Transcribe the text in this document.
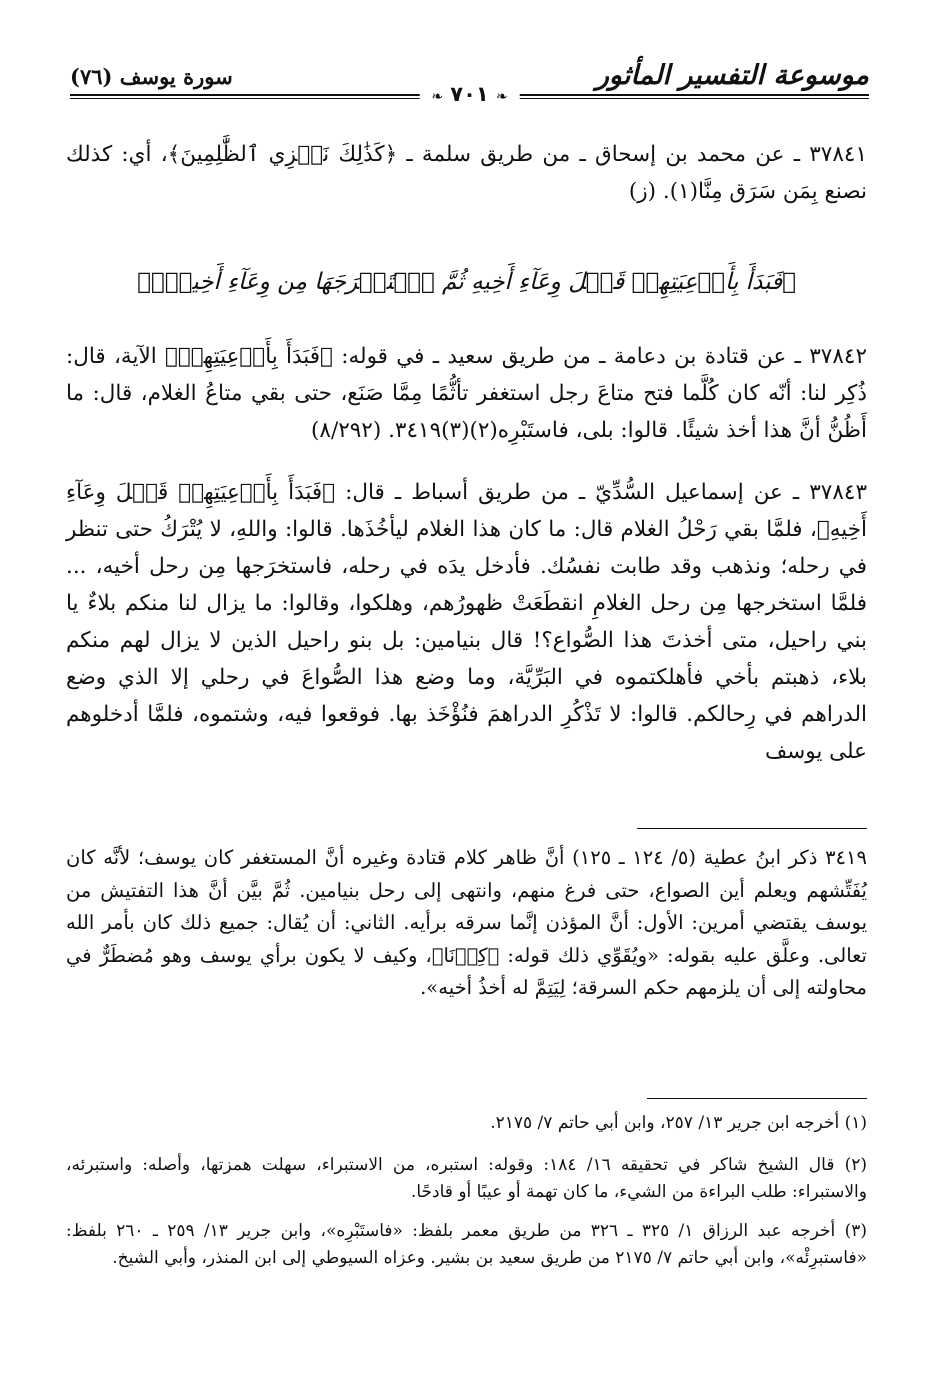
موسوعة التفسير المأثور
سورة يوسف (٧٦)
❧ ٧٠١ ❧
٣٧٨٤١ ـ عن محمد بن إسحاق ـ من طريق سلمة ـ ﴿كَذَٰلِكَ نَجۡزِي ٱلظَّٰلِمِينَ﴾، أي: كذلك نصنع بِمَن سَرَق مِنَّا(١). (ز)
﴿فَبَدَأَ بِأَوۡعِيَتِهِمۡ قَبۡلَ وِعَآءِ أَخِيهِ ثُمَّ ٱسۡتَخۡرَجَهَا مِن وِعَآءِ أَخِيهِۚ﴾
٣٧٨٤٢ ـ عن قتادة بن دعامة ـ من طريق سعيد ـ في قوله: ﴿فَبَدَأَ بِأَوۡعِيَتِهِمۡ﴾ الآية، قال: ذُكِر لنا: أنّه كان كُلَّما فتح متاعَ رجل استغفر تأثُّمًا مِمَّا صَنَع، حتى بقي متاعُ الغلام، قال: ما أَظُنُّ أنَّ هذا أخذ شيئًا. قالوا: بلى، فاستَبْرِه(٢)(٣)٣٤١٩. (٨/٢٩٢)
٣٧٨٤٣ ـ عن إسماعيل السُّدِّيّ ـ من طريق أسباط ـ قال: ﴿فَبَدَأَ بِأَوۡعِيَتِهِمۡ قَبۡلَ وِعَآءِ أَخِيهِ﴾، فلمَّا بقي رَحْلُ الغلام قال: ما كان هذا الغلام ليأخُذَها. قالوا: واللهِ، لا يُتْرَكُ حتى تنظر في رحله؛ ونذهب وقد طابت نفسُك. فأدخل يدَه في رحله، فاستخرَجها مِن رحل أخيه، ... فلمَّا استخرجها مِن رحل الغلامِ انقطَعَتْ ظهورُهم، وهلكوا، وقالوا: ما يزال لنا منكم بلاءٌ يا بني راحيل، متى أخذتَ هذا الصُّواع؟! قال بنيامين: بل بنو راحيل الذين لا يزال لهم منكم بلاء، ذهبتم بأخي فأهلكتموه في البَرِّيَّة، وما وضع هذا الصُّواعَ في رحلي إلا الذي وضع الدراهم في رِحالكم. قالوا: لا تَذْكُرِ الدراهمَ فنُؤْخَذ بها. فوقعوا فيه، وشتموه، فلمَّا أدخلوهم على يوسف
٣٤١٩ ذكر ابنُ عطية (٥/ ١٢٤ ـ ١٢٥) أنَّ ظاهر كلام قتادة وغيره أنَّ المستغفر كان يوسف؛ لأنَّه كان يُفَتِّشهم ويعلم أين الصواع، حتى فرغ منهم، وانتهى إلى رحل بنيامين. ثُمَّ بيَّن أنَّ هذا التفتيش من يوسف يقتضي أمرين: الأول: أنَّ المؤذن إنَّما سرقه برأيه. الثاني: أن يُقال: جميع ذلك كان بأمر الله تعالى. وعلَّق عليه بقوله: «ويُقَوِّي ذلك قوله: ﴿كِدۡنَا﴾، وكيف لا يكون برأي يوسف وهو مُضطَرٌّ في محاولته إلى أن يلزمهم حكم السرقة؛ لِيَتِمَّ له أخذُ أخيه».
(١) أخرجه ابن جرير ١٣/ ٢٥٧، وابن أبي حاتم ٧/ ٢١٧٥.
(٢) قال الشيخ شاكر في تحقيقه ١٦/ ١٨٤: وقوله: استبره، من الاستبراء، سهلت همزتها، وأصله: واستبرئه، والاستبراء: طلب البراءة من الشيء، ما كان تهمة أو عيبًا أو قادحًا.
(٣) أخرجه عبد الرزاق ١/ ٣٢٥ ـ ٣٢٦ من طريق معمر بلفظ: «فاستَبْرِه»، وابن جرير ١٣/ ٢٥٩ ـ ٢٦٠ بلفظ: «فاستبرِئْه»، وابن أبي حاتم ٧/ ٢١٧٥ من طريق سعيد بن بشير. وعزاه السيوطي إلى ابن المنذر، وأبي الشيخ.
